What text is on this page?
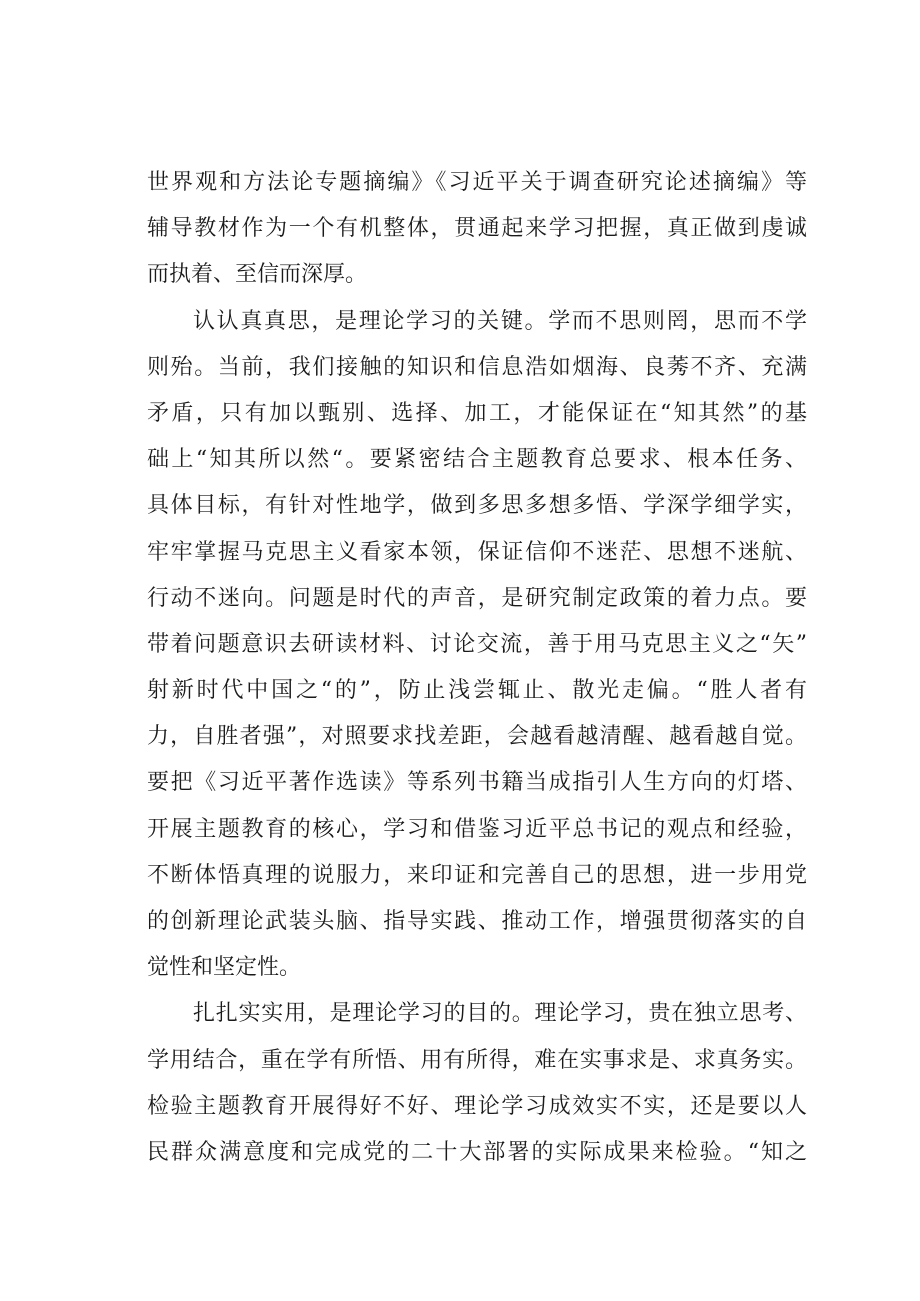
世界观和方法论专题摘编》《习近平关于调查研究论述摘编》等
辅导教材作为一个有机整体，贯通起来学习把握，真正做到虔诚
而执着、至信而深厚。
认认真真思，是理论学习的关键。学而不思则罔，思而不学
则殆。当前，我们接触的知识和信息浩如烟海、良莠不齐、充满
矛盾，只有加以甄别、选择、加工，才能保证在“知其然”的基
础上“知其所以然“。要紧密结合主题教育总要求、根本任务、
具体目标，有针对性地学，做到多思多想多悟、学深学细学实，
牢牢掌握马克思主义看家本领，保证信仰不迷茫、思想不迷航、
行动不迷向。问题是时代的声音，是研究制定政策的着力点。要
带着问题意识去研读材料、讨论交流，善于用马克思主义之“矢”
射新时代中国之“的”，防止浅尝辄止、散光走偏。“胜人者有
力，自胜者强”，对照要求找差距，会越看越清醒、越看越自觉。
要把《习近平著作选读》等系列书籍当成指引人生方向的灯塔、
开展主题教育的核心，学习和借鉴习近平总书记的观点和经验，
不断体悟真理的说服力，来印证和完善自己的思想，进一步用党
的创新理论武装头脑、指导实践、推动工作，增强贯彻落实的自
觉性和坚定性。
扎扎实实用，是理论学习的目的。理论学习，贵在独立思考、
学用结合，重在学有所悟、用有所得，难在实事求是、求真务实。
检验主题教育开展得好不好、理论学习成效实不实，还是要以人
民群众满意度和完成党的二十大部署的实际成果来检验。“知之
